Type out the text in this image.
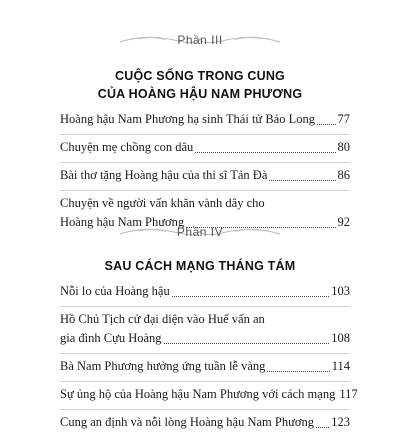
Phần III
CUỘC SỐNG TRONG CUNG
CỦA HOÀNG HẬU NAM PHƯƠNG
Hoàng hậu Nam Phương hạ sinh Thái tử Bảo Long 77
Chuyện mẹ chồng con dâu	80
Bài thơ tặng Hoàng hậu của thi sĩ Tản Đà	86
Chuyện về người vấn khăn vành dây cho
Hoàng hậu Nam Phương	92
Phần IV
SAU CÁCH MẠNG THÁNG TÁM
Nỗi lo của Hoàng hậu	103
Hồ Chủ Tịch cử đại diện vào Huế vấn an
gia đình Cựu Hoàng	108
Bà Nam Phương hưởng ứng tuần lễ vàng	114
Sự ủng hộ của Hoàng hậu Nam Phương với cách mạng 117
Cung an định và nỗi lòng Hoàng hậu Nam Phương 123
